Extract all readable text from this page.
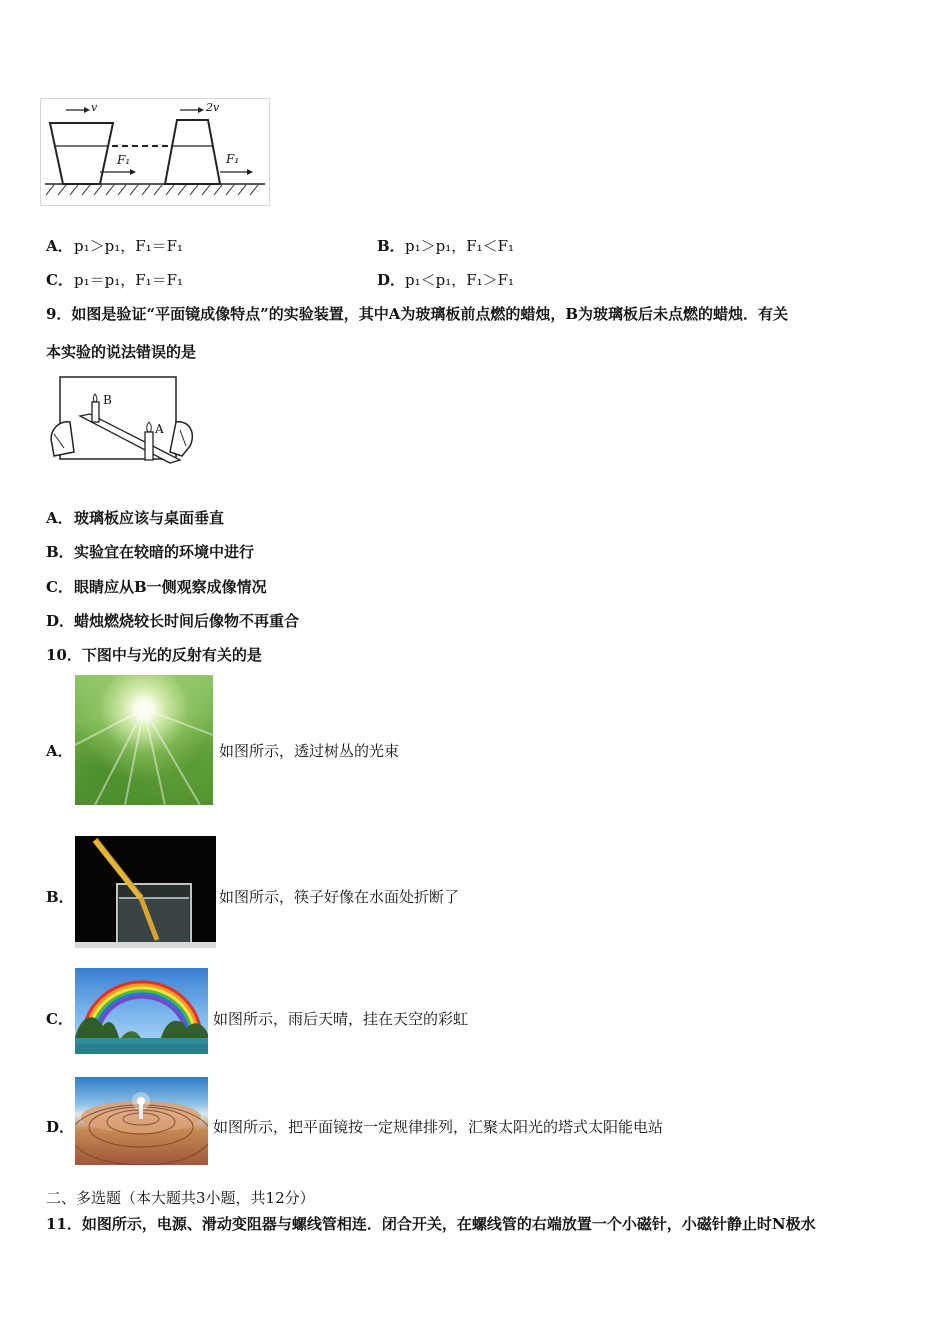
v	2v
F₁	F₁
A． p₁＞p₁，F₁＝F₁	B． p₁＞p₁，F₁＜F₁
C． p₁＝p₁，F₁＝F₁	D． p₁＜p₁，F₁＞F₁
9．如图是验证“平面镜成像特点”的实验装置，其中A为玻璃板前点燃的蜡烛，B为玻璃板后未点燃的蜡烛．有关
本实验的说法错误的是
B
A
A． 玻璃板应该与桌面垂直
B． 实验宜在较暗的环境中进行
C． 眼睛应从B一侧观察成像情况
D． 蜡烛燃烧较长时间后像物不再重合
10．下图中与光的反射有关的是
A．	如图所示，透过树丛的光束
B．	如图所示，筷子好像在水面处折断了
C．	如图所示，雨后天晴，挂在天空的彩虹
D．	如图所示，把平面镜按一定规律排列，汇聚太阳光的塔式太阳能电站
二、多选题（本大题共3小题，共12分）
11．如图所示，电源、滑动变阻器与螺线管相连．闭合开关，在螺线管的右端放置一个小磁针，小磁针静止时N极水
